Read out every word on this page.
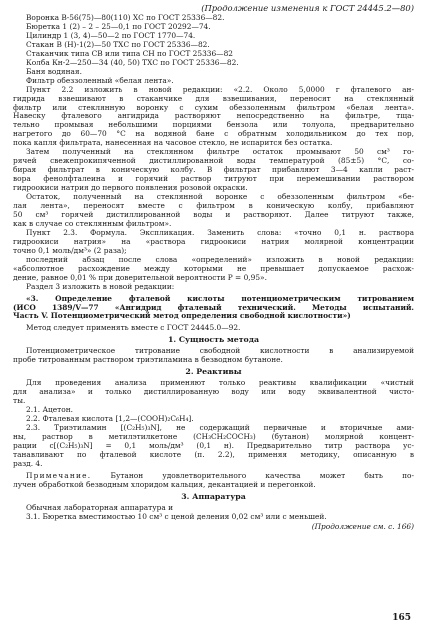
(Продолжение изменения к ГОСТ 24445.2—80)
Воронка В-56(75)—80(110) ХС по ГОСТ 25336—82.
Бюретка 1 (2) – 2 – 25—0,1 по ГОСТ 20292—74.
Цилиндр 1 (3, 4)—50—2 по ГОСТ 1770—74.
Стакан В (Н)-1(2)—50 ТХС по ГОСТ 25336—82.
Стаканчик типа СВ или типа СН по ГОСТ 25336—82
Колба Кн-2—250—34 (40, 50) ТХС по ГОСТ 25336—82.
Баня водяная.
Фильтр обеззоленный «белая лента».
Пункт 2.2 изложить в новой редакции: «2.2. Около 5,0000 г фталевого ан-
гидрида взвешивают в стаканчике для взвешивания, переносят на стеклянный
фильтр или стеклянную воронку с сухим обеззоленным фильтром «белая лента».
Навеску фталевого ангидрида растворяют непосредственно на фильтре, тща-
тельно промывая небольшими порциями бензола или толуола, предварительно
нагретого до 60—70 °С на водяной бане с обратным холодильником до тех пор,
пока капля фильтрата, нанесенная на часовое стекло, не испарится без остатка.
Затем полученный на стеклянном фильтре остаток промывают 50 см³ го-
рячей свежепрокипяченной дистиллированной воды температурой (85±5) °С, со-
бирая фильтрат в коническую колбу. В фильтрат прибавляют 3—4 капли раст-
вора фенолфталеина и горячий раствор титруют при перемешивании раствором
гидроокиси натрия до первого появления розовой окраски.
Остаток, полученный на стеклянной воронке с обеззоленным фильтром «бе-
лая лента», переносят вместе с фильтром в коническую колбу, прибавляют
50 см³ горячей дистиллированной воды и растворяют. Далее титруют также,
как в случае со стеклянным фильтром».
Пункт 2.3. Формула. Экспликация. Заменить слова: «точно 0,1 н. раствора
гидроокиси натрия» на «раствора гидроокиси натрия молярной концентрации
точно 0,1 моль/дм³» (2 раза);
последний абзац после слова «определений» изложить в новой редакции:
«абсолютное расхождение между которыми не превышает допускаемое расхож-
дение, равное 0,01 % при доверительной вероятности P = 0,95».
Раздел 3 изложить в новой редакции:
«3. Определение фталевой кислоты потенциометрическим титрованием
(ИСО 1389/V—77 «Ангидрид фталевый технический. Методы испытаний.
Часть V. Потенциометрический метод определения свободной кислотности»)
Метод следует применять вместе с ГОСТ 24445.0—92.
1. Сущность метода
Потенциометрическое титрование свободной кислотности в анализируемой
пробе титрованным раствором триэтиламина в безводном бутаноне.
2. Реактивы
Для проведения анализа применяют только реактивы квалификации «чистый
для анализа» и только дистиллированную воду или воду эквивалентной чисто-
ты.
2.1. Ацетон.
2.2. Фталевая кислота [1,2—(COOH)₂C₆H₄].
2.3. Триэтиламин [(C₂H₅)₃N], не содержащий первичные и вторичные ами-
ны, раствор в метилэтилкетоне (CH₃CH₂COCH₃) (бутанон) молярной концент-
рации c[(C₂H₅)₃N] = 0,1 моль/дм³ (0,1 н). Предварительно титр раствора ус-
танавливают по фталевой кислоте (п. 2.2), применяя методику, описанную в
разд. 4.
Примечание. Бутанон удовлетворительного качества может быть по-
лучен обработкой безводным хлоридом кальция, декантацией и перегонкой.
3. Аппаратура
Обычная лабораторная аппаратура и
3.1. Бюретка вместимостью 10 см³ с ценой деления 0,02 см³ или с меньшей.
(Продолжение см. с. 166)
165
